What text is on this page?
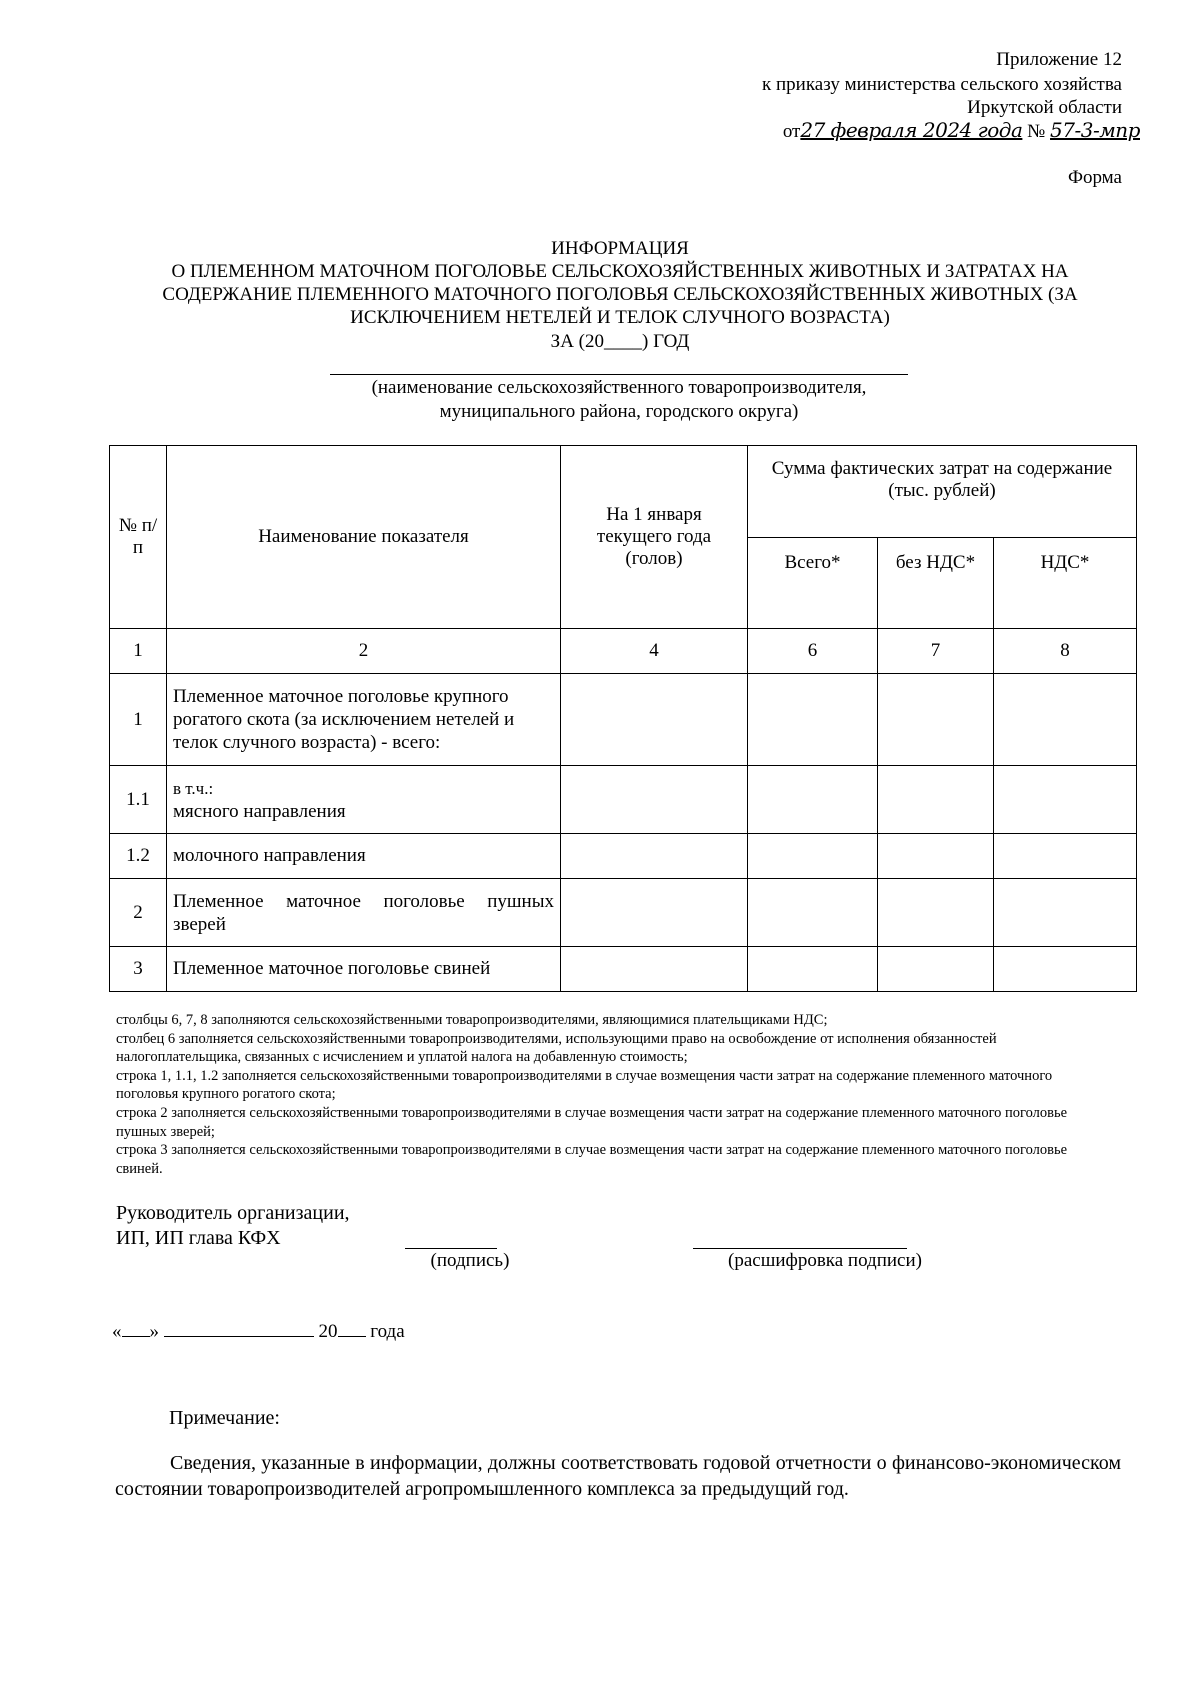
Приложение 12
к приказу министерства сельского хозяйства
Иркутской области
от27 февраля 2024 года № 57-3-мпр
Форма
ИНФОРМАЦИЯ
О ПЛЕМЕННОМ МАТОЧНОМ ПОГОЛОВЬЕ СЕЛЬСКОХОЗЯЙСТВЕННЫХ ЖИВОТНЫХ И ЗАТРАТАХ НА
СОДЕРЖАНИЕ ПЛЕМЕННОГО МАТОЧНОГО ПОГОЛОВЬЯ СЕЛЬСКОХОЗЯЙСТВЕННЫХ ЖИВОТНЫХ (ЗА
ИСКЛЮЧЕНИЕМ НЕТЕЛЕЙ И ТЕЛОК СЛУЧНОГО ВОЗРАСТА)
ЗА (20____) ГОД
(наименование сельскохозяйственного товаропроизводителя,
муниципального района, городского округа)
№ п/п	Наименование показателя	На 1 января текущего года (голов)	Сумма фактических затрат на содержание (тыс. рублей)		
			Всего*	без НДС*	НДС*
1	2	4	6	7	8
1	Племенное маточное поголовье крупного рогатого скота (за исключением нетелей и телок случного возраста) - всего:				
1.1	в т.ч.:
мясного направления				

1.2	молочного направления				
2	Племенное маточное поголовье пушных зверей				
3	Племенное маточное поголовье свиней				
столбцы 6, 7, 8 заполняются сельскохозяйственными товаропроизводителями, являющимися плательщиками НДС;
столбец 6 заполняется сельскохозяйственными товаропроизводителями, использующими право на освобождение от исполнения обязанностей налогоплательщика, связанных с исчислением и уплатой налога на добавленную стоимость;
строка 1, 1.1, 1.2 заполняется сельскохозяйственными товаропроизводителями в случае возмещения части затрат на содержание племенного маточного поголовья крупного рогатого скота;
строка 2 заполняется сельскохозяйственными товаропроизводителями в случае возмещения части затрат на содержание племенного маточного поголовье пушных зверей;
строка 3 заполняется сельскохозяйственными товаропроизводителями в случае возмещения части затрат на содержание племенного маточного поголовье свиней.
Руководитель организации,
ИП, ИП глава КФХ
(подпись)	(расшифровка подписи)
« »	20 года
Примечание:
Сведения, указанные в информации, должны соответствовать годовой отчетности о финансово-экономическом состоянии товаропроизводителей агропромышленного комплекса за предыдущий год.
